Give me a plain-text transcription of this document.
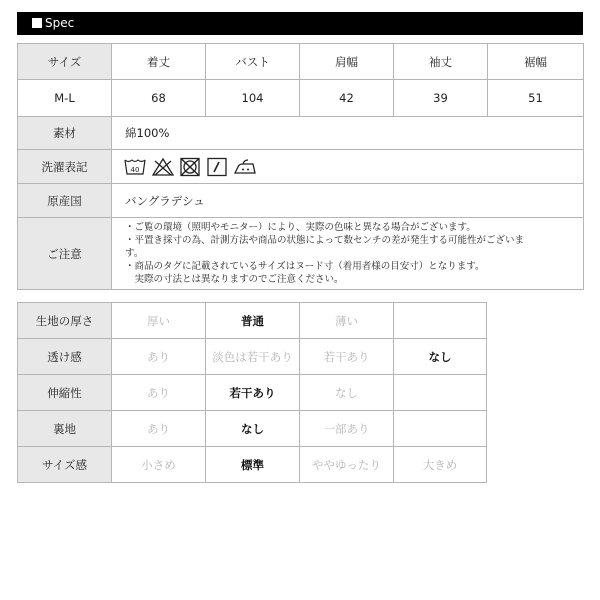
Spec
サイズ	着丈	バスト	肩幅	袖丈	裾幅
M-L	68	104	42	39	51
素材	綿100%				
洗濯表記	40				

原産国	バングラデシュ				
ご注意	・ご覧の環境（照明やモニター）により、実際の色味と異なる場合がございます。
・平置き採寸の為、計測方法や商品の状態によって数センチの差が発生する可能性がございま
す。
・商品のタグに記載されているサイズはヌード寸（着用者様の目安寸）となります。
　実際の寸法とは異なりますのでご注意ください。				
生地の厚さ	厚い	普通	薄い	
透け感	あり	淡色は若干あり	若干あり	なし
伸縮性	あり	若干あり	なし	
裏地	あり	なし	一部あり	
サイズ感	小さめ	標準	ややゆったり	大きめ
